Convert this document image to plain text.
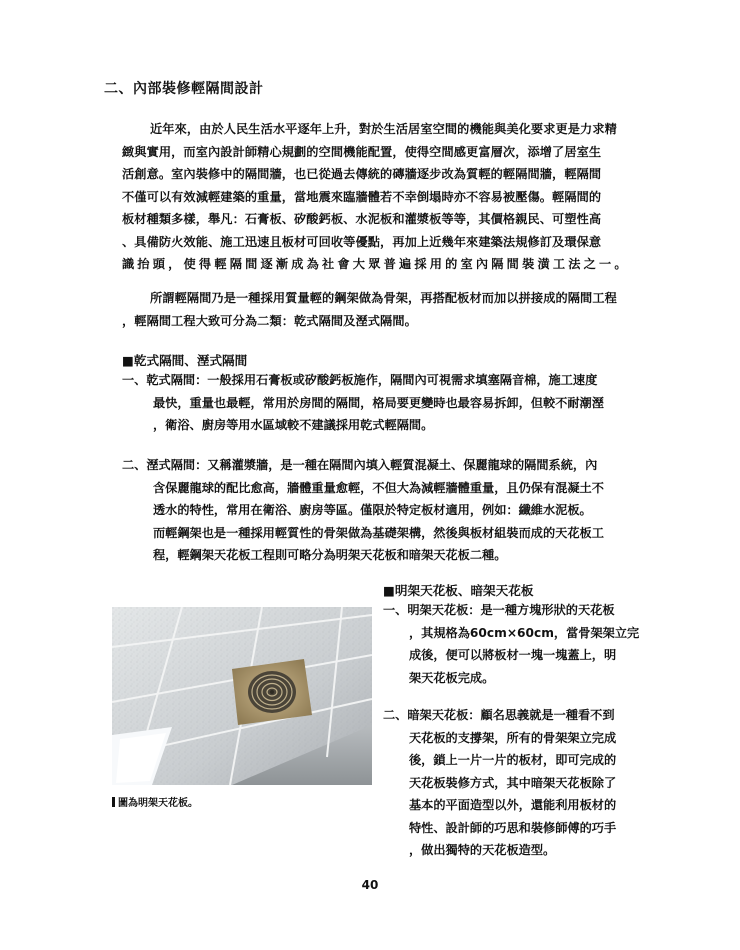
二、內部裝修輕隔間設計
近年來，由於人民生活水平逐年上升，對於生活居室空間的機能與美化要求更是力求精
緻與實用，而室內設計師精心規劃的空間機能配置，使得空間感更富層次，添增了居室生
活創意。室內裝修中的隔間牆，也已從過去傳統的磚牆逐步改為質輕的輕隔間牆，輕隔間
不僅可以有效減輕建築的重量，當地震來臨牆體若不幸倒塌時亦不容易被壓傷。輕隔間的
板材種類多樣，舉凡：石膏板、矽酸鈣板、水泥板和灌漿板等等，其價格親民、可塑性高
、具備防火效能、施工迅速且板材可回收等優點，再加上近幾年來建築法規修訂及環保意
識抬頭，使得輕隔間逐漸成為社會大眾普遍採用的室內隔間裝潢工法之一。
所謂輕隔間乃是一種採用質量輕的鋼架做為骨架，再搭配板材而加以拼接成的隔間工程
，輕隔間工程大致可分為二類：乾式隔間及溼式隔間。
■乾式隔間、溼式隔間
一、乾式隔間：一般採用石膏板或矽酸鈣板施作，隔間內可視需求填塞隔音棉，施工速度
最快，重量也最輕，常用於房間的隔間，格局要更變時也最容易拆卸，但較不耐潮溼
，衛浴、廚房等用水區域較不建議採用乾式輕隔間。
二、溼式隔間：又稱灌漿牆，是一種在隔間內填入輕質混凝土、保麗龍球的隔間系統，內
含保麗龍球的配比愈高，牆體重量愈輕，不但大為減輕牆體重量，且仍保有混凝土不
透水的特性，常用在衛浴、廚房等區。僅限於特定板材適用，例如：纖維水泥板。
而輕鋼架也是一種採用輕質性的骨架做為基礎架構，然後與板材組裝而成的天花板工
程，輕鋼架天花板工程則可略分為明架天花板和暗架天花板二種。
■明架天花板、暗架天花板
一、明架天花板：是一種方塊形狀的天花板
，其規格為60cm×60cm，當骨架架立完
成後，便可以將板材一塊一塊蓋上，明
架天花板完成。
二、暗架天花板：顧名思義就是一種看不到
天花板的支撐架，所有的骨架架立完成
後，鎖上一片一片的板材，即可完成的
天花板裝修方式，其中暗架天花板除了
基本的平面造型以外，還能利用板材的
特性、設計師的巧思和裝修師傅的巧手
，做出獨特的天花板造型。
圖為明架天花板。
40
